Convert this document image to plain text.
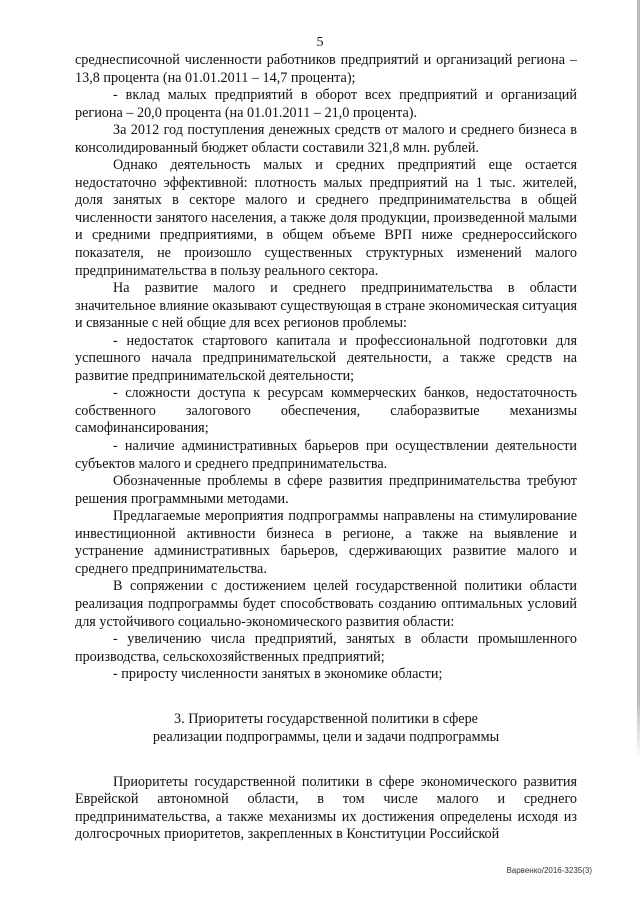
5

среднесписочной численности работников предприятий и организаций региона – 13,8 процента (на 01.01.2011 – 14,7 процента);

- вклад малых предприятий в оборот всех предприятий и организаций региона – 20,0 процента (на 01.01.2011 – 21,0 процента).

За 2012 год поступления денежных средств от малого и среднего бизнеса в консолидированный бюджет области составили 321,8 млн. рублей.

Однако деятельность малых и средних предприятий еще остается недостаточно эффективной: плотность малых предприятий на 1 тыс. жителей, доля занятых в секторе малого и среднего предпринимательства в общей численности занятого населения, а также доля продукции, произведенной малыми и средними предприятиями, в общем объеме ВРП ниже среднероссийского показателя, не произошло существенных структурных изменений малого предпринимательства в пользу реального сектора.

На развитие малого и среднего предпринимательства в области значительное влияние оказывают существующая в стране экономическая ситуация и связанные с ней общие для всех регионов проблемы:

- недостаток стартового капитала и профессиональной подготовки для успешного начала предпринимательской деятельности, а также средств на развитие предпринимательской деятельности;

- сложности доступа к ресурсам коммерческих банков, недостаточность собственного залогового обеспечения, слаборазвитые механизмы самофинансирования;

- наличие административных барьеров при осуществлении деятельности субъектов малого и среднего предпринимательства.

Обозначенные проблемы в сфере развития предпринимательства требуют решения программными методами.

Предлагаемые мероприятия подпрограммы направлены на стимулирование инвестиционной активности бизнеса в регионе, а также на выявление и устранение административных барьеров, сдерживающих развитие малого и среднего предпринимательства.

В сопряжении с достижением целей государственной политики области реализация подпрограммы будет способствовать созданию оптимальных условий для устойчивого социально-экономического развития области:

- увеличению числа предприятий, занятых в области промышленного производства, сельскохозяйственных предприятий;

- приросту численности занятых в экономике области;

3. Приоритеты государственной политики в сфере
реализации подпрограммы, цели и задачи подпрограммы

Приоритеты государственной политики в сфере экономического развития Еврейской автономной области, в том числе малого и среднего предпринимательства, а также механизмы их достижения определены исходя из долгосрочных приоритетов, закрепленных в Конституции Российской

Варвенко/2016-3235(3)
